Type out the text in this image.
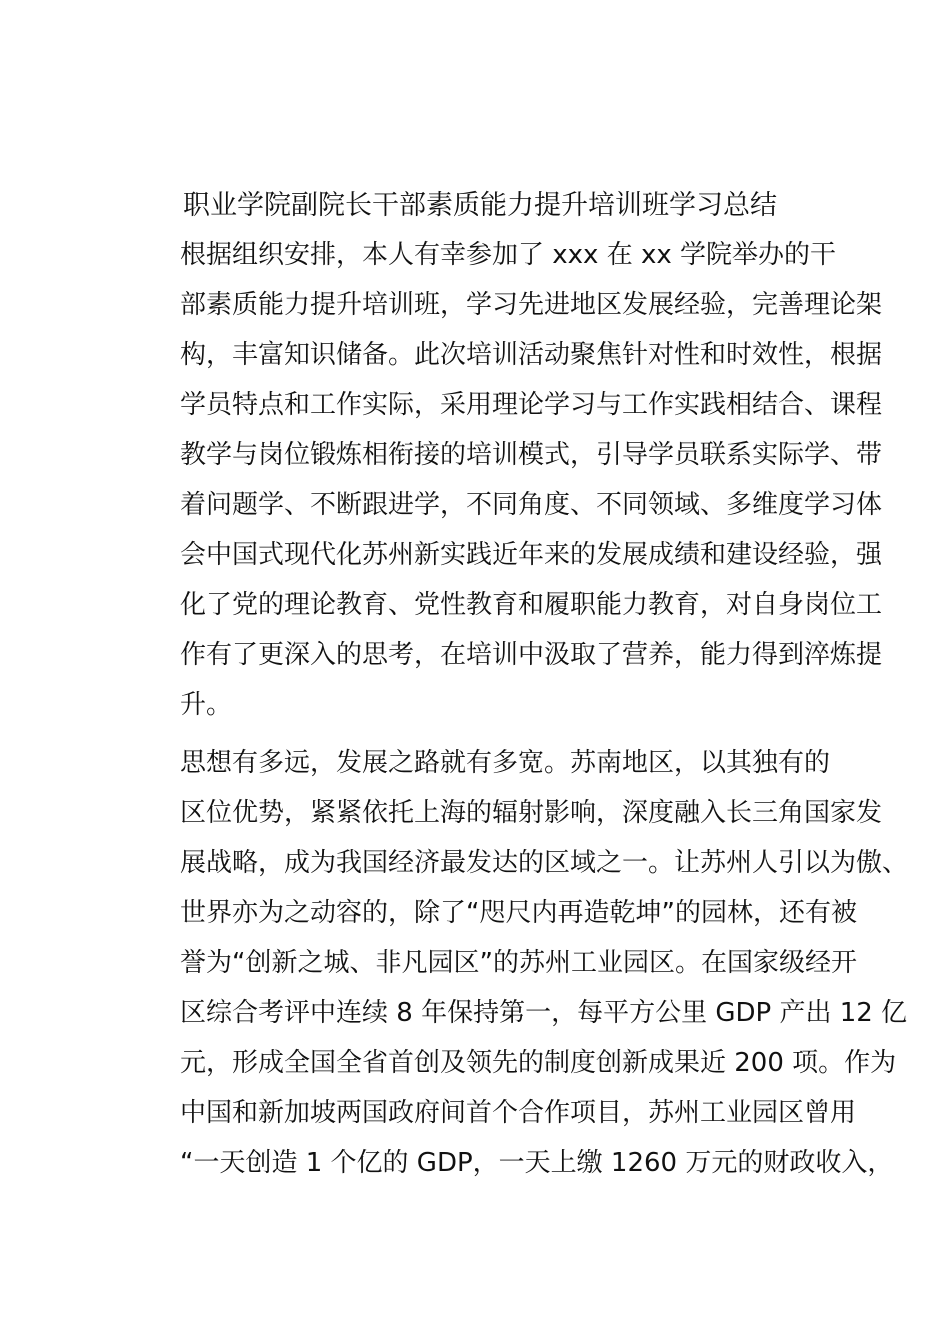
职业学院副院长干部素质能力提升培训班学习总结

根据组织安排，本人有幸参加了 xxx 在 xx 学院举办的干
部素质能力提升培训班，学习先进地区发展经验，完善理论架
构，丰富知识储备。此次培训活动聚焦针对性和时效性，根据
学员特点和工作实际，采用理论学习与工作实践相结合、课程
教学与岗位锻炼相衔接的培训模式，引导学员联系实际学、带
着问题学、不断跟进学，不同角度、不同领域、多维度学习体
会中国式现代化苏州新实践近年来的发展成绩和建设经验，强
化了党的理论教育、党性教育和履职能力教育，对自身岗位工
作有了更深入的思考，在培训中汲取了营养，能力得到淬炼提
升。

思想有多远，发展之路就有多宽。苏南地区，以其独有的
区位优势，紧紧依托上海的辐射影响，深度融入长三角国家发
展战略，成为我国经济最发达的区域之一。让苏州人引以为傲、
世界亦为之动容的，除了“咫尺内再造乾坤”的园林，还有被
誉为“创新之城、非凡园区”的苏州工业园区。在国家级经开
区综合考评中连续 8 年保持第一，每平方公里 GDP 产出 12 亿
元，形成全国全省首创及领先的制度创新成果近 200 项。作为
中国和新加坡两国政府间首个合作项目，苏州工业园区曾用
“一天创造 1 个亿的 GDP，一天上缴 1260 万元的财政收入，
